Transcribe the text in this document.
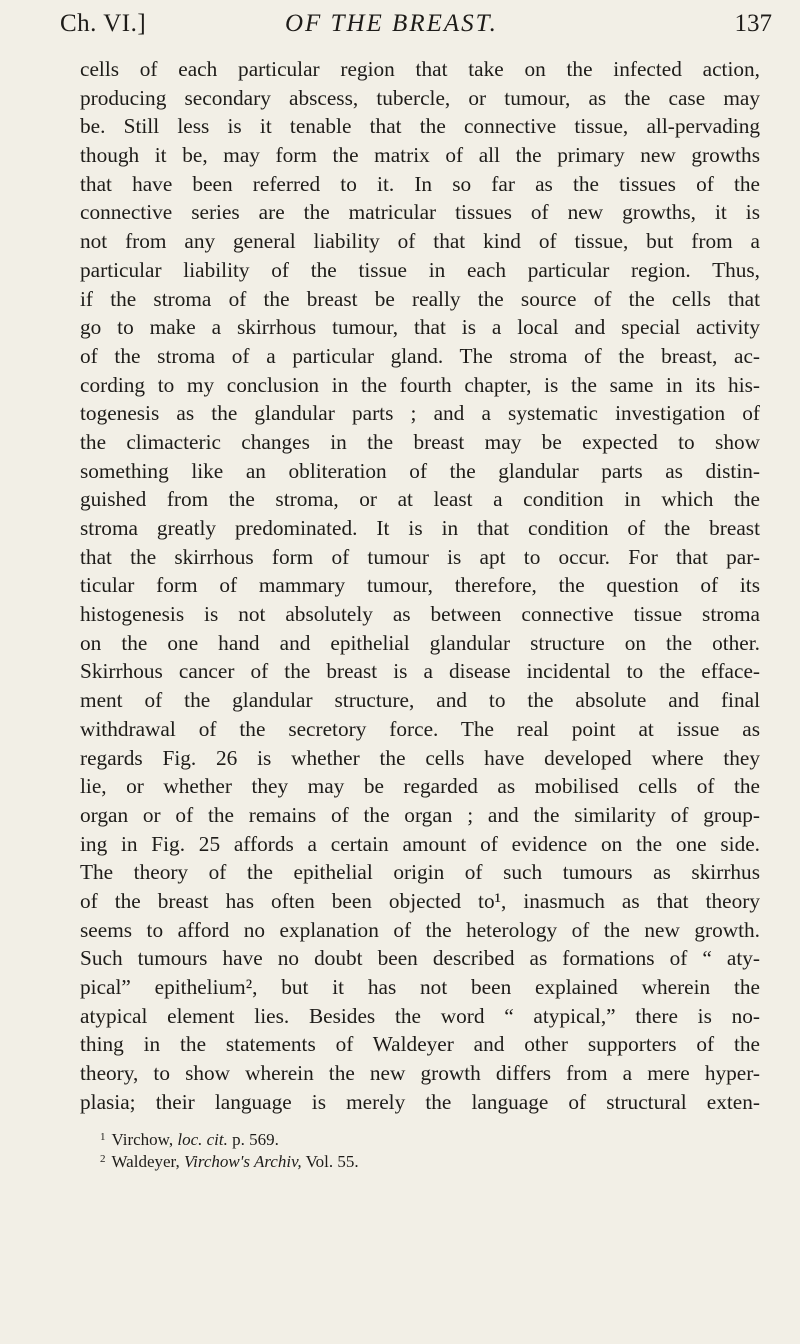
Ch. VI.]	OF THE BREAST.	137
cells of each particular region that take on the infected action,
producing secondary abscess, tubercle, or tumour, as the case may
be. Still less is it tenable that the connective tissue, all-pervading
though it be, may form the matrix of all the primary new growths
that have been referred to it. In so far as the tissues of the
connective series are the matricular tissues of new growths, it is
not from any general liability of that kind of tissue, but from a
particular liability of the tissue in each particular region. Thus,
if the stroma of the breast be really the source of the cells that
go to make a skirrhous tumour, that is a local and special activity
of the stroma of a particular gland. The stroma of the breast, ac-
cording to my conclusion in the fourth chapter, is the same in its his-
togenesis as the glandular parts ; and a systematic investigation of
the climacteric changes in the breast may be expected to show
something like an obliteration of the glandular parts as distin-
guished from the stroma, or at least a condition in which the
stroma greatly predominated. It is in that condition of the breast
that the skirrhous form of tumour is apt to occur. For that par-
ticular form of mammary tumour, therefore, the question of its
histogenesis is not absolutely as between connective tissue stroma
on the one hand and epithelial glandular structure on the other.
Skirrhous cancer of the breast is a disease incidental to the efface-
ment of the glandular structure, and to the absolute and final
withdrawal of the secretory force. The real point at issue as
regards Fig. 26 is whether the cells have developed where they
lie, or whether they may be regarded as mobilised cells of the
organ or of the remains of the organ ; and the similarity of group-
ing in Fig. 25 affords a certain amount of evidence on the one side.
The theory of the epithelial origin of such tumours as skirrhus
of the breast has often been objected to¹, inasmuch as that theory
seems to afford no explanation of the heterology of the new growth.
Such tumours have no doubt been described as formations of “ aty-
pical” epithelium², but it has not been explained wherein the
atypical element lies. Besides the word “ atypical,” there is no-
thing in the statements of Waldeyer and other supporters of the
theory, to show wherein the new growth differs from a mere hyper-
plasia; their language is merely the language of structural exten-
$^1$ Virchow, loc. cit. p. 569.
$^2$ Waldeyer, Virchow's Archiv, Vol. 55.
